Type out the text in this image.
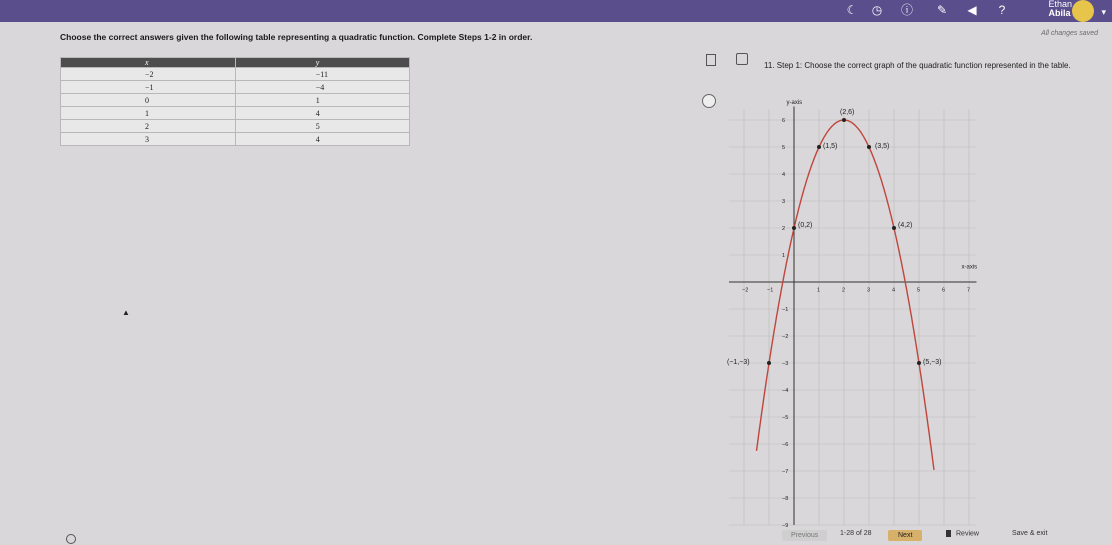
☾ ◷ ⓘ ✎ ◀	?	Ethan
Abila	▾
All changes saved
Choose the correct answers given the following table representing a quadratic function. Complete Steps 1-2 in order.
x	y
−2	−11
−1	−4
0	1
1	4
2	5
3	4
11. Step 1: Choose the correct graph of the quadratic function represented in the table.
x-axis
y-axis
−2	−1	1	2	3	4	5	6	7
6
5
4
3
2
1
−1
−2
−3
−4
−5
−6
−7
−8
−9
(2,6)
(1,5)	(3,5)
(0,2)	(4,2)
(−1,−3)	(5,−3)
▲
Previous	1-28 of 28	Next	Review	Save & exit
